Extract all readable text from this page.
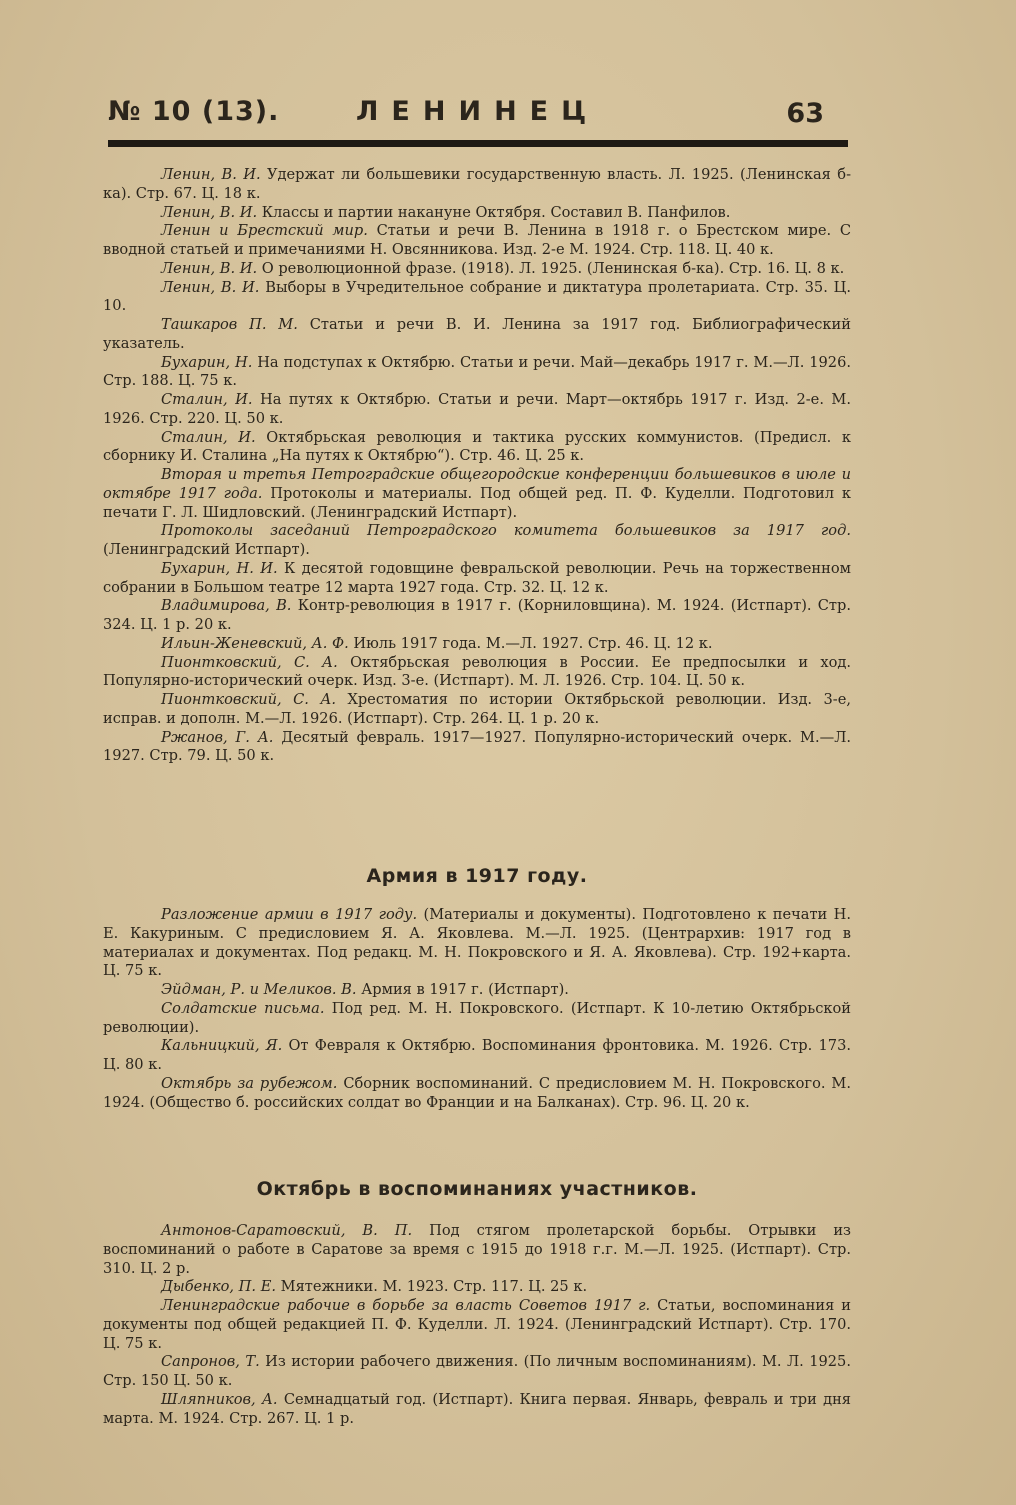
№ 10 (13).	ЛЕНИНЕЦ	63

Ленин, В. И. Удержат ли большевики государственную власть. Л. 1925. (Ленинская б-ка). Стр. 67. Ц. 18 к.

Ленин, В. И. Классы и партии накануне Октября. Составил В. Панфилов.

Ленин и Брестский мир. Статьи и речи В. Ленина в 1918 г. о Брестском мире. С вводной статьей и примечаниями Н. Овсянникова. Изд. 2-е М. 1924. Стр. 118. Ц. 40 к.

Ленин, В. И. О революционной фразе. (1918). Л. 1925. (Ленинская б-ка). Стр. 16. Ц. 8 к.

Ленин, В. И. Выборы в Учредительное собрание и диктатура пролетариата. Стр. 35. Ц. 10.

Ташкаров П. М. Статьи и речи В. И. Ленина за 1917 год. Библиографический указатель.

Бухарин, Н. На подступах к Октябрю. Статьи и речи. Май—декабрь 1917 г. М.—Л. 1926. Стр. 188. Ц. 75 к.

Сталин, И. На путях к Октябрю. Статьи и речи. Март—октябрь 1917 г. Изд. 2-е. М. 1926. Стр. 220. Ц. 50 к.

Сталин, И. Октябрьская революция и тактика русских коммунистов. (Предисл. к сборнику И. Сталина „На путях к Октябрю“). Стр. 46. Ц. 25 к.

Вторая и третья Петроградские общегородские конференции большевиков в июле и октябре 1917 года. Протоколы и материалы. Под общей ред. П. Ф. Куделли. Подготовил к печати Г. Л. Шидловский. (Ленинградский Истпарт).

Протоколы заседаний Петроградского комитета большевиков за 1917 год. (Ленинградский Истпарт).

Бухарин, Н. И. К десятой годовщине февральской революции. Речь на торжественном собрании в Большом театре 12 марта 1927 года. Стр. 32. Ц. 12 к.

Владимирова, В. Контр-революция в 1917 г. (Корниловщина). М. 1924. (Истпарт). Стр. 324. Ц. 1 р. 20 к.

Ильин-Женевский, А. Ф. Июль 1917 года. М.—Л. 1927. Стр. 46. Ц. 12 к.

Пионтковский, С. А. Октябрьская революция в России. Ее предпосылки и ход. Популярно-исторический очерк. Изд. 3-е. (Истпарт). М. Л. 1926. Стр. 104. Ц. 50 к.

Пионтковский, С. А. Хрестоматия по истории Октябрьской революции. Изд. 3-е, исправ. и дополн. М.—Л. 1926. (Истпарт). Стр. 264. Ц. 1 р. 20 к.

Ржанов, Г. А. Десятый февраль. 1917—1927. Популярно-исторический очерк. М.—Л. 1927. Стр. 79. Ц. 50 к.

Армия в 1917 году.

Разложение армии в 1917 году. (Материалы и документы). Подготовлено к печати Н. Е. Какуриным. С предисловием Я. А. Яковлева. М.—Л. 1925. (Центрархив: 1917 год в материалах и документах. Под редакц. М. Н. Покровского и Я. А. Яковлева). Стр. 192+карта. Ц. 75 к.

Эйдман, Р. и Меликов. В. Армия в 1917 г. (Истпарт).

Солдатские письма. Под ред. М. Н. Покровского. (Истпарт. К 10-летию Октябрьской революции).

Кальницкий, Я. От Февраля к Октябрю. Воспоминания фронтовика. М. 1926. Стр. 173. Ц. 80 к.

Октябрь за рубежом. Сборник воспоминаний. С предисловием М. Н. Покровского. М. 1924. (Общество б. российских солдат во Франции и на Балканах). Стр. 96. Ц. 20 к.

Октябрь в воспоминаниях участников.

Антонов-Саратовский, В. П. Под стягом пролетарской борьбы. Отрывки из воспоминаний о работе в Саратове за время с 1915 до 1918 г.г. М.—Л. 1925. (Истпарт). Стр. 310. Ц. 2 р.

Дыбенко, П. Е. Мятежники. М. 1923. Стр. 117. Ц. 25 к.

Ленинградские рабочие в борьбе за власть Советов 1917 г. Статьи, воспоминания и документы под общей редакцией П. Ф. Куделли. Л. 1924. (Ленинградский Истпарт). Стр. 170. Ц. 75 к.

Сапронов, Т. Из истории рабочего движения. (По личным воспоминаниям). М. Л. 1925. Стр. 150 Ц. 50 к.

Шляпников, А. Семнадцатый год. (Истпарт). Книга первая. Январь, февраль и три дня марта. М. 1924. Стр. 267. Ц. 1 р.
